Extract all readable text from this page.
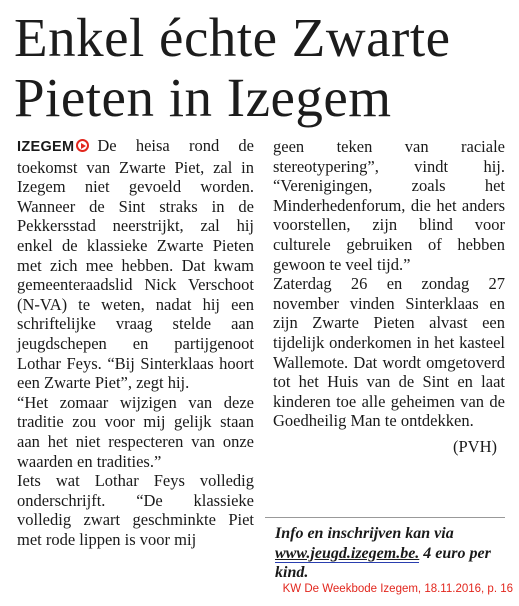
Enkel échte Zwarte
Pieten in Izegem

IZEGEM De heisa rond de toekomst van Zwarte Piet, zal in Izegem niet gevoeld worden. Wanneer de Sint straks in de Pekkersstad neerstrijkt, zal hij enkel de klassieke Zwarte Pieten met zich mee hebben. Dat kwam gemeenteraadslid Nick Verschoot (N-VA) te weten, nadat hij een schriftelijke vraag stelde aan jeugdschepen en partijgenoot Lothar Feys. “Bij Sinterklaas hoort een Zwarte Piet”, zegt hij.

“Het zomaar wijzigen van deze traditie zou voor mij gelijk staan aan het niet respecteren van onze waarden en tradities.”

Iets wat Lothar Feys volledig onderschrijft. “De klassieke volledig zwart geschminkte Piet met rode lippen is voor mij

geen teken van raciale stereotypering”, vindt hij. “Verenigingen, zoals het Minderhedenforum, die het anders voorstellen, zijn blind voor culturele gebruiken of hebben gewoon te veel tijd.”

Zaterdag 26 en zondag 27 november vinden Sinterklaas en zijn Zwarte Pieten alvast een tijdelijk onderkomen in het kasteel Wallemote. Dat wordt omgetoverd tot het Huis van de Sint en laat kinderen toe alle geheimen van de Goedheilig Man te ontdekken.

(PVH)

Info en inschrijven kan via www.jeugd.izegem.be. 4 euro per kind.
KW De Weekbode Izegem, 18.11.2016, p. 16
